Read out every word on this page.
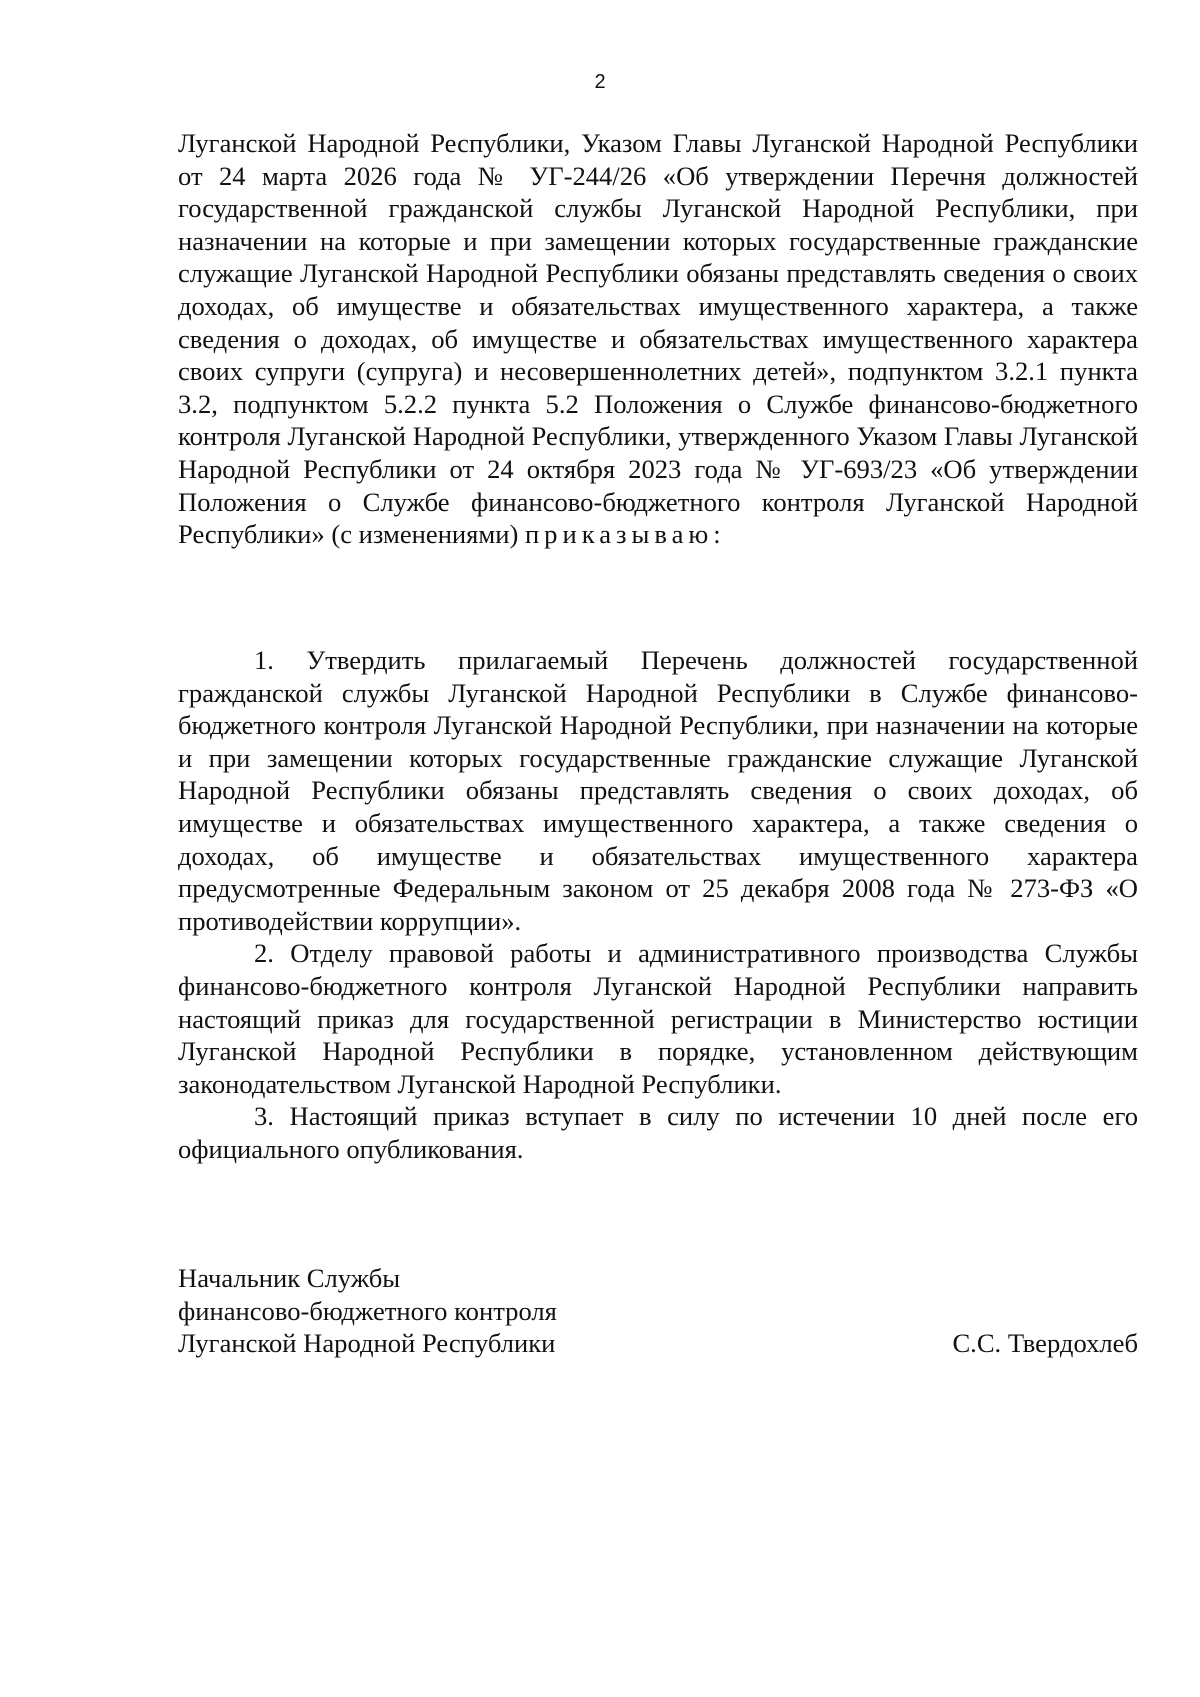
2

Луганской Народной Республики, Указом Главы Луганской Народной Республики от 24 марта 2026 года № УГ-244/26 «Об утверждении Перечня должностей государственной гражданской службы Луганской Народной Республики, при назначении на которые и при замещении которых государственные гражданские служащие Луганской Народной Республики обязаны представлять сведения о своих доходах, об имуществе и обязательствах имущественного характера, а также сведения о доходах, об имуществе и обязательствах имущественного характера своих супруги (супруга) и несовершеннолетних детей», подпунктом 3.2.1 пункта 3.2, подпунктом 5.2.2 пункта 5.2 Положения о Службе финансово-бюджетного контроля Луганской Народной Республики, утвержденного Указом Главы Луганской Народной Республики от 24 октября 2023 года № УГ-693/23 «Об утверждении Положения о Службе финансово-бюджетного контроля Луганской Народной Республики» (с изменениями) приказываю:

1. Утвердить прилагаемый Перечень должностей государственной гражданской службы Луганской Народной Республики в Службе финансово-бюджетного контроля Луганской Народной Республики, при назначении на которые и при замещении которых государственные гражданские служащие Луганской Народной Республики обязаны представлять сведения о своих доходах, об имуществе и обязательствах имущественного характера, а также сведения о доходах, об имуществе и обязательствах имущественного характера предусмотренные Федеральным законом от 25 декабря 2008 года № 273-ФЗ «О противодействии коррупции».

2. Отделу правовой работы и административного производства Службы финансово-бюджетного контроля Луганской Народной Республики направить настоящий приказ для государственной регистрации в Министерство юстиции Луганской Народной Республики в порядке, установленном действующим законодательством Луганской Народной Республики.

3. Настоящий приказ вступает в силу по истечении 10 дней после его официального опубликования.

Начальник Службы
финансово-бюджетного контроля
Луганской Народной Республики	С.С. Твердохлеб
